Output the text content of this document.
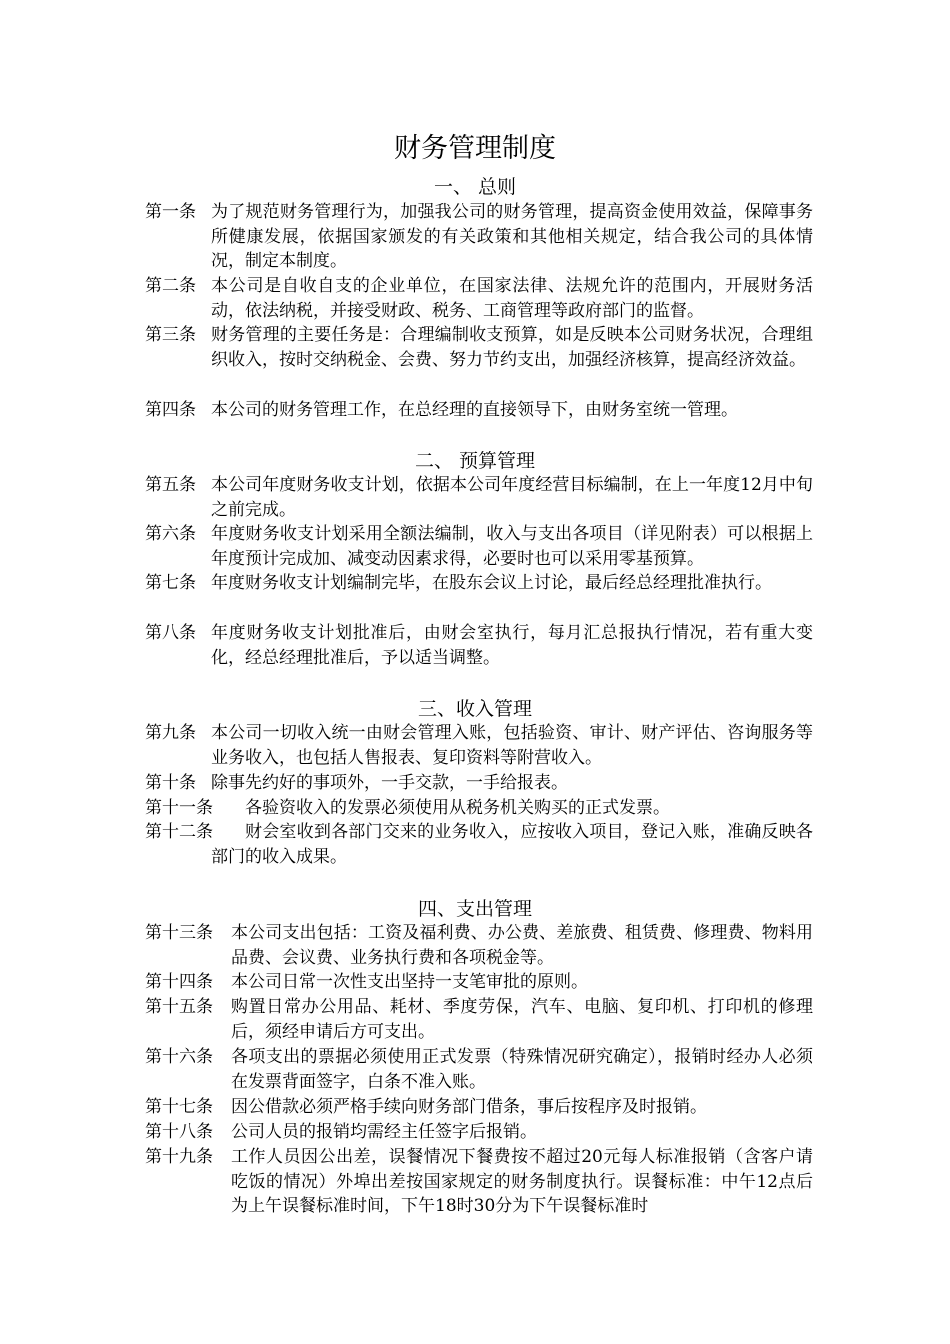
财务管理制度
一、 总则
第一条 为了规范财务管理行为，加强我公司的财务管理，提高资金使用效益，保障事务所健康发展，依据国家颁发的有关政策和其他相关规定，结合我公司的具体情况，制定本制度。
第二条 本公司是自收自支的企业单位，在国家法律、法规允许的范围内，开展财务活动，依法纳税，并接受财政、税务、工商管理等政府部门的监督。
第三条 财务管理的主要任务是：合理编制收支预算，如是反映本公司财务状况，合理组织收入，按时交纳税金、会费、努力节约支出，加强经济核算，提高经济效益。
第四条 本公司的财务管理工作，在总经理的直接领导下，由财务室统一管理。
二、 预算管理
第五条 本公司年度财务收支计划，依据本公司年度经营目标编制，在上一年度12月中旬之前完成。
第六条 年度财务收支计划采用全额法编制，收入与支出各项目（详见附表）可以根据上年度预计完成加、减变动因素求得，必要时也可以采用零基预算。
第七条 年度财务收支计划编制完毕，在股东会议上讨论，最后经总经理批准执行。
第八条 年度财务收支计划批准后，由财会室执行，每月汇总报执行情况，若有重大变化，经总经理批准后，予以适当调整。
三、收入管理
第九条 本公司一切收入统一由财会管理入账，包括验资、审计、财产评估、咨询服务等业务收入，也包括人售报表、复印资料等附营收入。
第十条 除事先约好的事项外，一手交款，一手给报表。
第十一条 各验资收入的发票必须使用从税务机关购买的正式发票。
第十二条	财会室收到各部门交来的业务收入，应按收入项目，登记入账，准确反映各部门的收入成果。
四、支出管理
第十三条 本公司支出包括：工资及福利费、办公费、差旅费、租赁费、修理费、物料用品费、会议费、业务执行费和各项税金等。
第十四条 本公司日常一次性支出坚持一支笔审批的原则。
第十五条 购置日常办公用品、耗材、季度劳保，汽车、电脑、复印机、打印机的修理后，须经申请后方可支出。
第十六条 各项支出的票据必须使用正式发票（特殊情况研究确定），报销时经办人必须在发票背面签字，白条不准入账。
第十七条 因公借款必须严格手续向财务部门借条，事后按程序及时报销。
第十八条 公司人员的报销均需经主任签字后报销。
第十九条 工作人员因公出差，误餐情况下餐费按不超过20元每人标准报销（含客户请吃饭的情况）外埠出差按国家规定的财务制度执行。误餐标准：中午12点后为上午误餐标准时间，下午18时30分为下午误餐标准时
